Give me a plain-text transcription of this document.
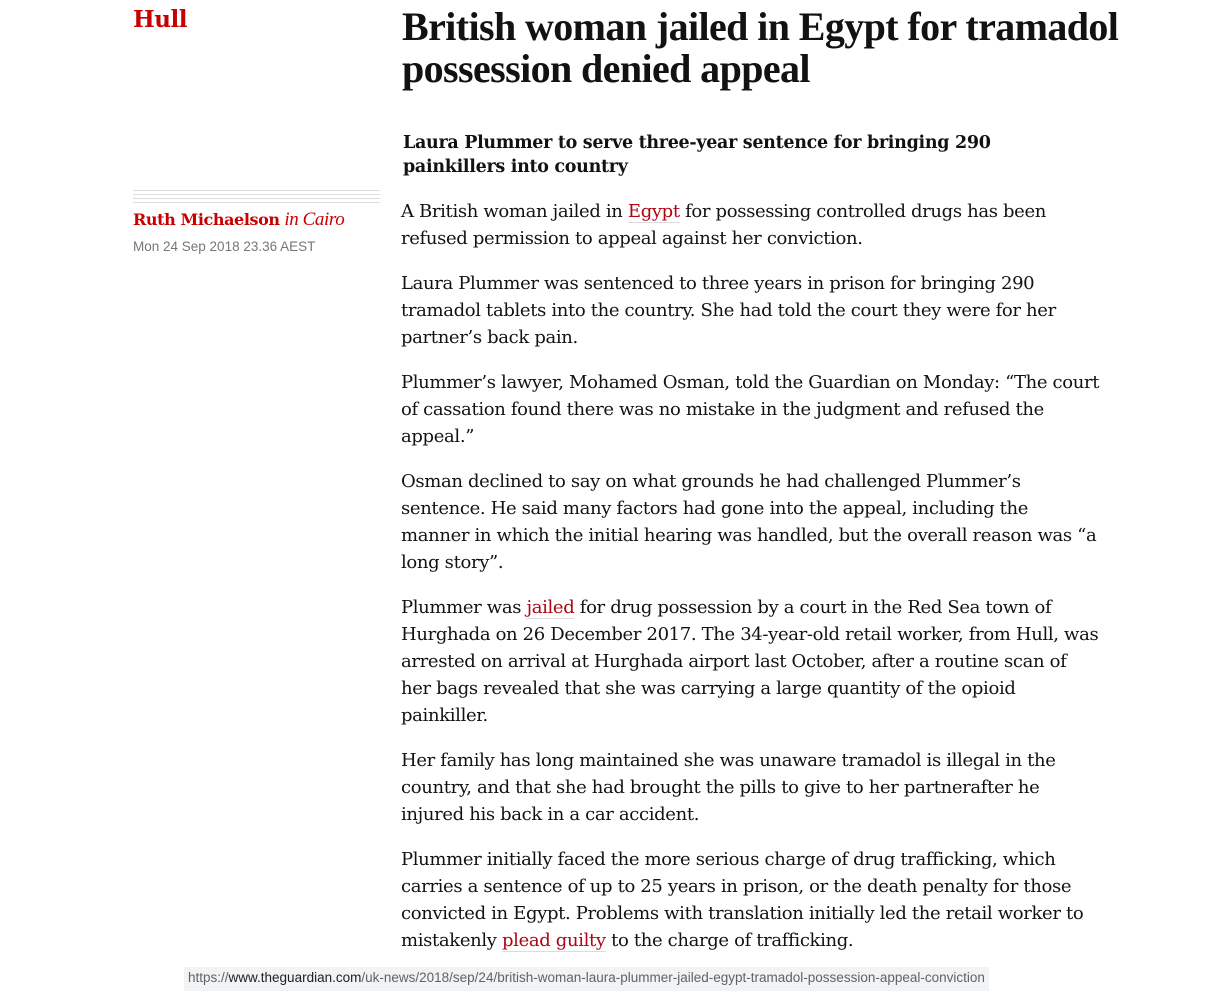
Hull	British woman jailed in Egypt for tramadol possession denied appeal
Laura Plummer to serve three-year sentence for bringing 290 painkillers into country
Ruth Michaelson in Cairo
Mon 24 Sep 2018 23.36 AEST

A British woman jailed in Egypt for possessing controlled drugs has been refused permission to appeal against her conviction.

Laura Plummer was sentenced to three years in prison for bringing 290 tramadol tablets into the country. She had told the court they were for her partner’s back pain.

Plummer’s lawyer, Mohamed Osman, told the Guardian on Monday: “The court of cassation found there was no mistake in the judgment and refused the appeal.”

Osman declined to say on what grounds he had challenged Plummer’s sentence. He said many factors had gone into the appeal, including the manner in which the initial hearing was handled, but the overall reason was “a long story”.

Plummer was jailed for drug possession by a court in the Red Sea town of Hurghada on 26 December 2017. The 34-year-old retail worker, from Hull, was arrested on arrival at Hurghada airport last October, after a routine scan of her bags revealed that she was carrying a large quantity of the opioid painkiller.

Her family has long maintained she was unaware tramadol is illegal in the country, and that she had brought the pills to give to her partnerafter he injured his back in a car accident.

Plummer initially faced the more serious charge of drug trafficking, which carries a sentence of up to 25 years in prison, or the death penalty for those convicted in Egypt. Problems with translation initially led the retail worker to mistakenly plead guilty to the charge of trafficking.

https://www.theguardian.com/uk-news/2018/sep/24/british-woman-laura-plummer-jailed-egypt-tramadol-possession-appeal-conviction
